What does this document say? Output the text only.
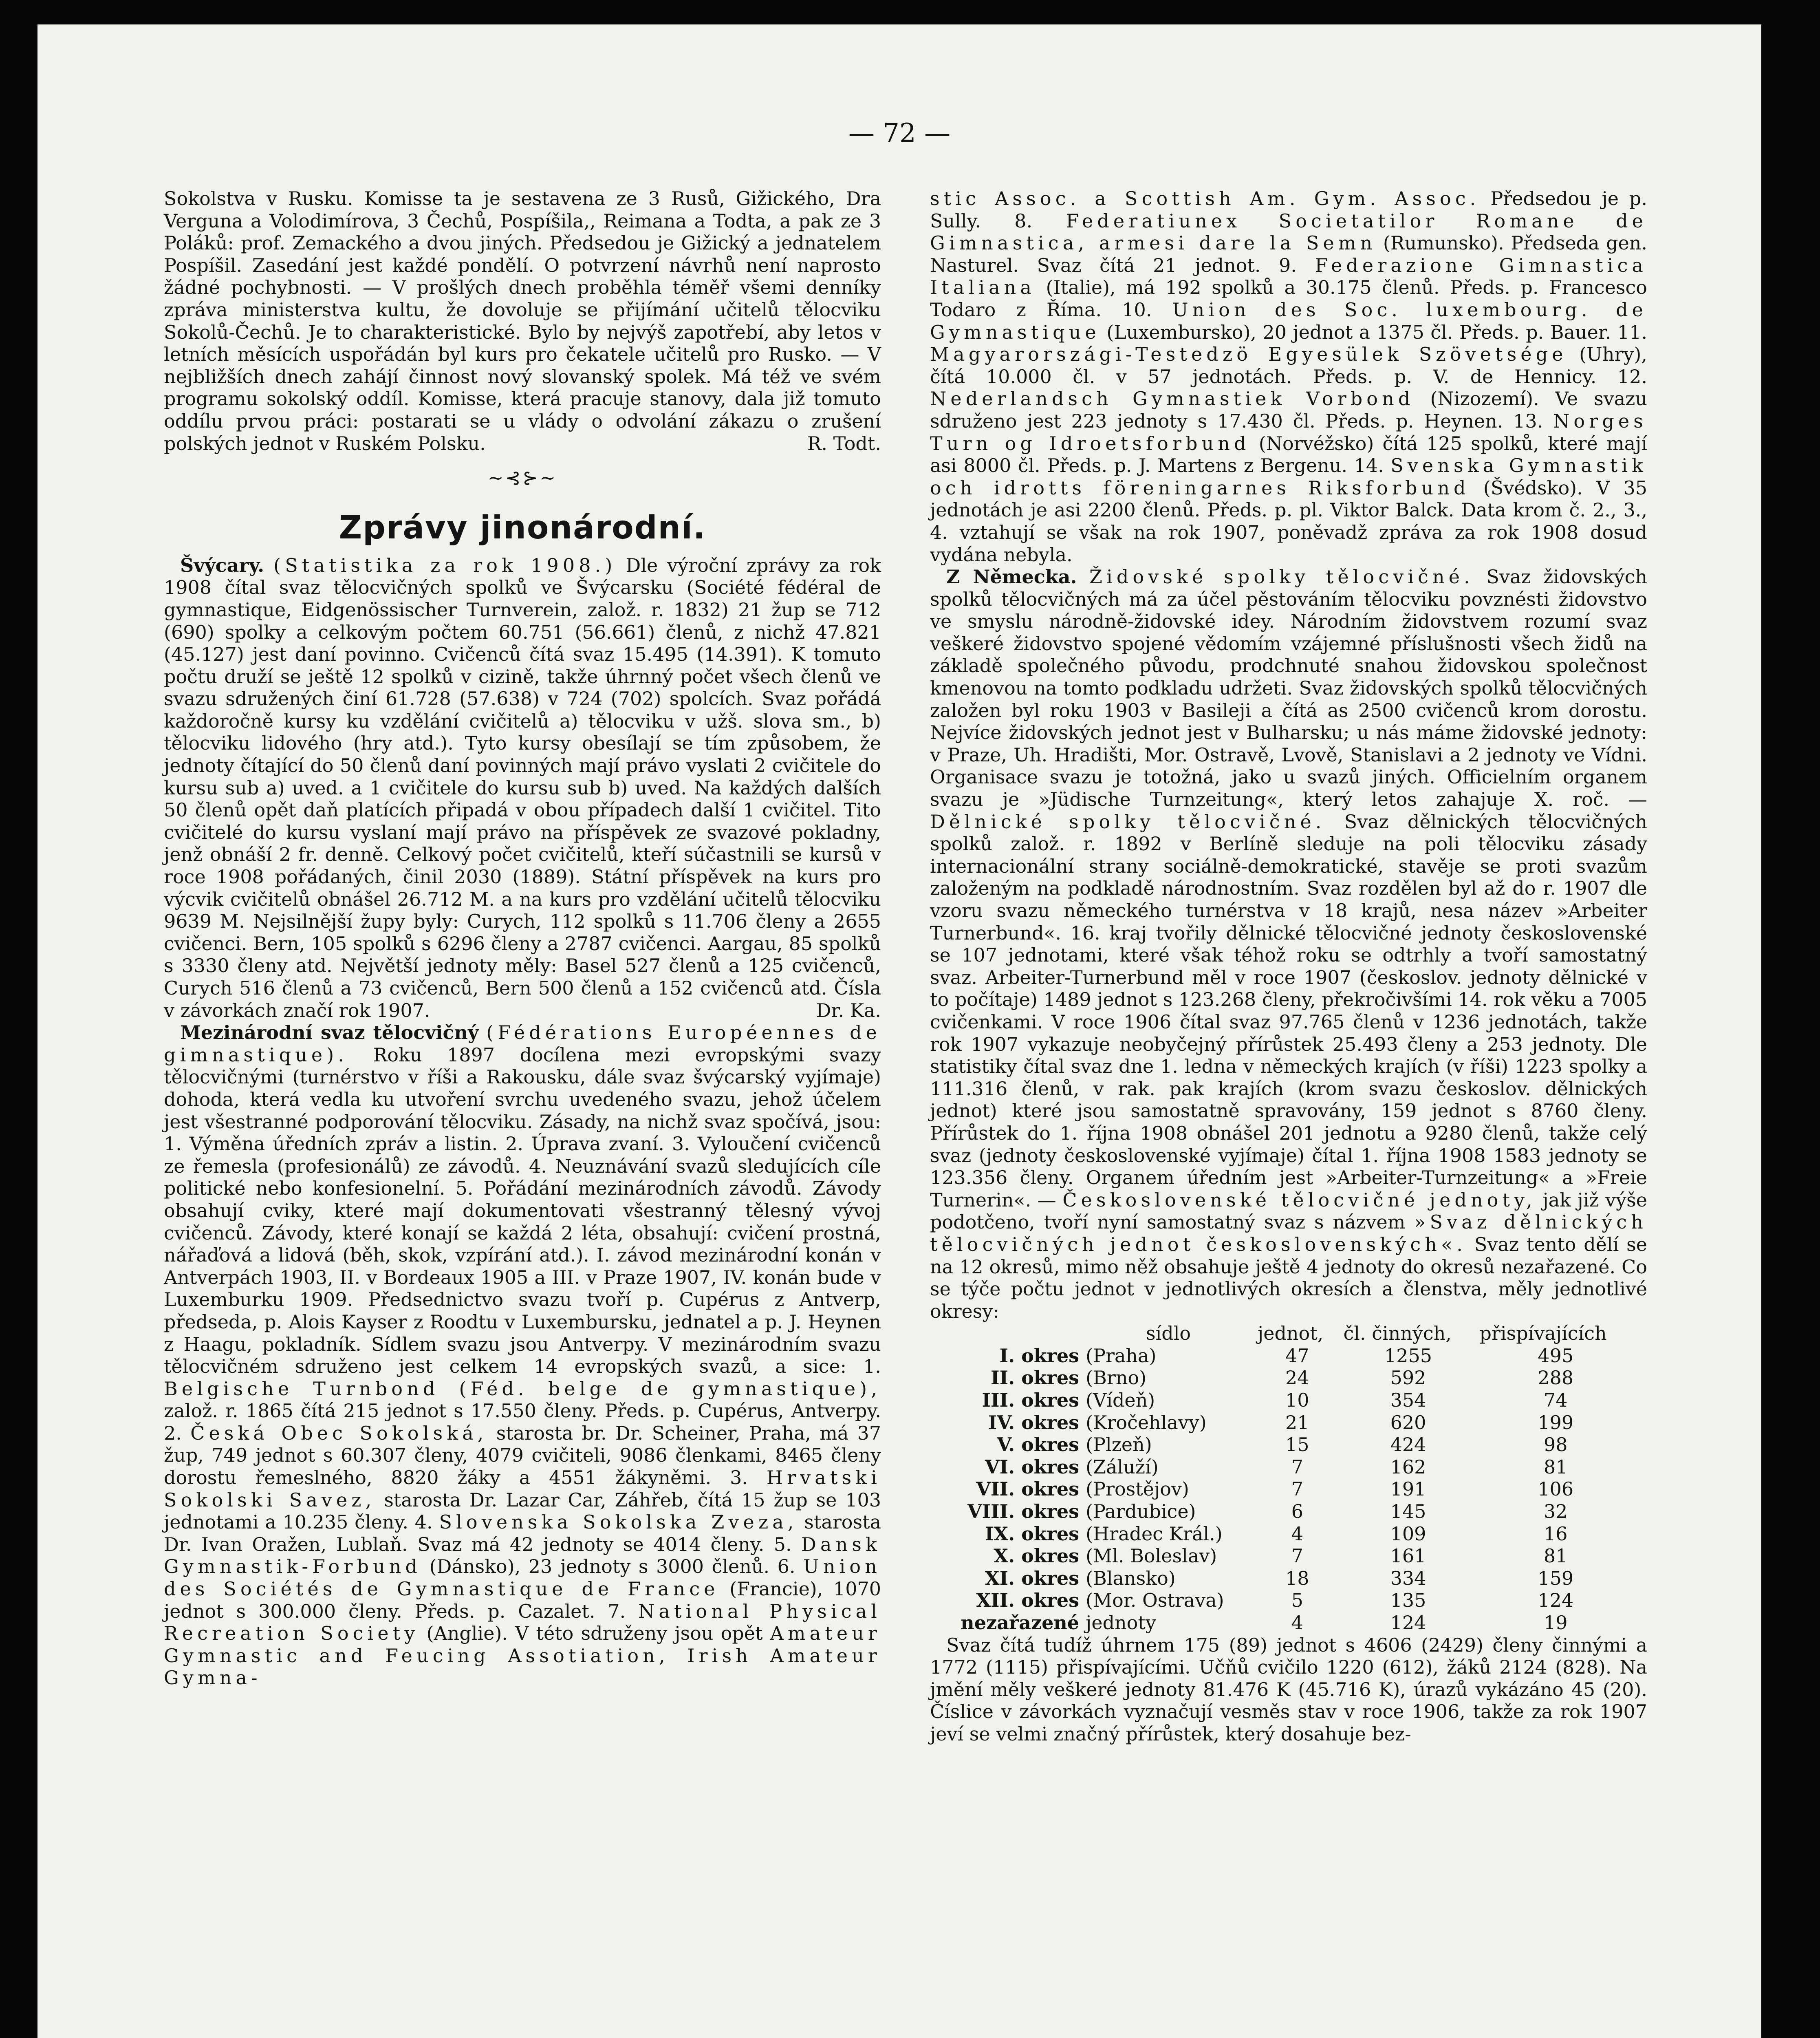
— 72 —

Sokolstva v Rusku. Komisse ta je sestavena ze 3 Rusů, Gižického, Dra Verguna a Volodimírova, 3 Čechů, Pospíšila,, Reimana a Todta, a pak ze 3 Poláků: prof. Zemackého a dvou jiných. Předsedou je Gižický a jednatelem Pospíšil. Zasedání jest každé pondělí. O potvrzení návrhů není naprosto žádné pochybnosti. — V prošlých dnech proběhla téměř všemi denníky zpráva ministerstva kultu, že dovoluje se přijímání učitelů tělocviku Sokolů-Čechů. Je to charakteristické. Bylo by nejvýš zapotřebí, aby letos v letních měsících uspořádán byl kurs pro čekatele učitelů pro Rusko. — V nejbližších dnech zahájí činnost nový slovanský spolek. Má též ve svém programu sokolský oddíl. Komisse, která pracuje stanovy, dala již tomuto oddílu prvou práci: postarati se u vlády o odvolání zákazu o zrušení polských jednot v Ruském Polsku.	R. Todt.

~⊰⊱~
Zprávy jinonárodní.

Švýcary. (Statistika za rok 1908.) Dle výroční zprávy za rok 1908 čítal svaz tělocvičných spolků ve Švýcarsku (Société fédéral de gymnastique, Eidgenössischer Turnverein, založ. r. 1832) 21 žup se 712 (690) spolky a celkovým počtem 60.751 (56.661) členů, z nichž 47.821 (45.127) jest daní povinno. Cvičenců čítá svaz 15.495 (14.391). K tomuto počtu druží se ještě 12 spolků v cizině, takže úhrnný počet všech členů ve svazu sdružených činí 61.728 (57.638) v 724 (702) spolcích. Svaz pořádá každoročně kursy ku vzdělání cvičitelů a) tělocviku v užš. slova sm., b) tělocviku lidového (hry atd.). Tyto kursy obesílají se tím způsobem, že jednoty čítající do 50 členů daní povinných mají právo vyslati 2 cvičitele do kursu sub a) uved. a 1 cvičitele do kursu sub b) uved. Na každých dalších 50 členů opět daň platících připadá v obou případech další 1 cvičitel. Tito cvičitelé do kursu vyslaní mají právo na příspěvek ze svazové pokladny, jenž obnáší 2 fr. denně. Celkový počet cvičitelů, kteří súčastnili se kursů v roce 1908 pořádaných, činil 2030 (1889). Státní příspěvek na kurs pro výcvik cvičitelů obnášel 26.712 M. a na kurs pro vzdělání učitelů tělocviku 9639 M. Nejsilnější župy byly: Curych, 112 spolků s 11.706 členy a 2655 cvičenci. Bern, 105 spolků s 6296 členy a 2787 cvičenci. Aargau, 85 spolků s 3330 členy atd. Největší jednoty měly: Basel 527 členů a 125 cvičenců, Curych 516 členů a 73 cvičenců, Bern 500 členů a 152 cvičenců atd. Čísla v závorkách značí rok 1907.	Dr. Ka.

Mezinárodní svaz tělocvičný (Fédérations Européennes de gimnastique). Roku 1897 docílena mezi evropskými svazy tělocvičnými (turnérstvo v říši a Rakousku, dále svaz švýcarský vyjímaje) dohoda, která vedla ku utvoření svrchu uvedeného svazu, jehož účelem jest všestranné podporování tělocviku. Zásady, na nichž svaz spočívá, jsou: 1. Výměna úředních zpráv a listin. 2. Úprava zvaní. 3. Vyloučení cvičenců ze řemesla (profesionálů) ze závodů. 4. Neuznávání svazů sledujících cíle politické nebo konfesionelní. 5. Pořádání mezinárodních závodů. Závody obsahují cviky, které mají dokumentovati všestranný tělesný vývoj cvičenců. Závody, které konají se každá 2 léta, obsahují: cvičení prostná, nářaďová a lidová (běh, skok, vzpírání atd.). I. závod mezinárodní konán v Antverpách 1903, II. v Bordeaux 1905 a III. v Praze 1907, IV. konán bude v Luxemburku 1909. Předsednictvo svazu tvoří p. Cupérus z Antverp, předseda, p. Alois Kayser z Roodtu v Luxembursku, jednatel a p. J. Heynen z Haagu, pokladník. Sídlem svazu jsou Antverpy. V mezinárodním svazu tělocvičném sdruženo jest celkem 14 evropských svazů, a sice: 1. Belgische Turnbond (Féd. belge de gymnastique), založ. r. 1865 čítá 215 jednot s 17.550 členy. Předs. p. Cupérus, Antverpy. 2. Česká Obec Sokolská, starosta br. Dr. Scheiner, Praha, má 37 žup, 749 jednot s 60.307 členy, 4079 cvičiteli, 9086 členkami, 8465 členy dorostu řemeslného, 8820 žáky a 4551 žákyněmi. 3. Hrvatski Sokolski Savez, starosta Dr. Lazar Car, Záhřeb, čítá 15 žup se 103 jednotami a 10.235 členy. 4. Slovenska Sokolska Zveza, starosta Dr. Ivan Oražen, Lublaň. Svaz má 42 jednoty se 4014 členy. 5. Dansk Gymnastik-Forbund (Dánsko), 23 jednoty s 3000 členů. 6. Union des Sociétés de Gymnastique de France (Francie), 1070 jednot s 300.000 členy. Předs. p. Cazalet. 7. National Physical Recreation Society (Anglie). V této sdruženy jsou opět Amateur Gymnastic and Feucing Assotiation, Irish Amateur Gymna-

stic Assoc. a Scottish Am. Gym. Assoc. Předsedou je p. Sully. 8. Federatiunex Societatilor Romane de Gimnastica, armesi dare la Semn (Rumunsko). Předseda gen. Nasturel. Svaz čítá 21 jednot. 9. Federazione Gimnastica Italiana (Italie), má 192 spolků a 30.175 členů. Předs. p. Francesco Todaro z Říma. 10. Union des Soc. luxembourg. de Gymnastique (Luxembursko), 20 jednot a 1375 čl. Předs. p. Bauer. 11. Magyarországi-Testedzö Egyesülek Szövetsége (Uhry), čítá 10.000 čl. v 57 jednotách. Předs. p. V. de Hennicy. 12. Nederlandsch Gymnastiek Vorbond (Nizozemí). Ve svazu sdruženo jest 223 jednoty s 17.430 čl. Předs. p. Heynen. 13. Norges Turn og Idroetsforbund (Norvéžsko) čítá 125 spolků, které mají asi 8000 čl. Předs. p. J. Martens z Bergenu. 14. Svenska Gymnastik och idrotts föreningarnes Riksforbund (Švédsko). V 35 jednotách je asi 2200 členů. Předs. p. pl. Viktor Balck. Data krom č. 2., 3., 4. vztahují se však na rok 1907, poněvadž zpráva za rok 1908 dosud vydána nebyla.

Z Německa. Židovské spolky tělocvičné. Svaz židovských spolků tělocvičných má za účel pěstováním tělocviku povznésti židovstvo ve smyslu národně-židovské idey. Národním židovstvem rozumí svaz veškeré židovstvo spojené vědomím vzájemné příslušnosti všech židů na základě společného původu, prodchnuté snahou židovskou společnost kmenovou na tomto podkladu udržeti. Svaz židovských spolků tělocvičných založen byl roku 1903 v Basileji a čítá as 2500 cvičenců krom dorostu. Nejvíce židovských jednot jest v Bulharsku; u nás máme židovské jednoty: v Praze, Uh. Hradišti, Mor. Ostravě, Lvově, Stanislavi a 2 jednoty ve Vídni. Organisace svazu je totožná, jako u svazů jiných. Officielním organem svazu je »Jüdische Turnzeitung«, který letos zahajuje X. roč. — Dělnické spolky tělocvičné. Svaz dělnických tělocvičných spolků založ. r. 1892 v Berlíně sleduje na poli tělocviku zásady internacionální strany sociálně-demokratické, stavěje se proti svazům založeným na podkladě národnostním. Svaz rozdělen byl až do r. 1907 dle vzoru svazu německého turnérstva v 18 krajů, nesa název »Arbeiter Turnerbund«. 16. kraj tvořily dělnické tělocvičné jednoty československé se 107 jednotami, které však téhož roku se odtrhly a tvoří samostatný svaz. Arbeiter-Turnerbund měl v roce 1907 (českoslov. jednoty dělnické v to počítaje) 1489 jednot s 123.268 členy, překročivšími 14. rok věku a 7005 cvičenkami. V roce 1906 čítal svaz 97.765 členů v 1236 jednotách, takže rok 1907 vykazuje neobyčejný přírůstek 25.493 členy a 253 jednoty. Dle statistiky čítal svaz dne 1. ledna v německých krajích (v říši) 1223 spolky a 111.316 členů, v rak. pak krajích (krom svazu českoslov. dělnických jednot) které jsou samostatně spravovány, 159 jednot s 8760 členy. Přírůstek do 1. října 1908 obnášel 201 jednotu a 9280 členů, takže celý svaz (jednoty československé vyjímaje) čítal 1. října 1908 1583 jednoty se 123.356 členy. Organem úředním jest »Arbeiter-Turnzeitung« a »Freie Turnerin«. — Československé tělocvičné jednoty, jak již výše podotčeno, tvoří nyní samostatný svaz s názvem »Svaz dělnických tělocvičných jednot československých«. Svaz tento dělí se na 12 okresů, mimo něž obsahuje ještě 4 jednoty do okresů nezařazené. Co se týče počtu jednot v jednotlivých okresích a členstva, měly jednotlivé okresy:

	sídlo	jednot,	čl. činných,	přispívajících
I. okres	(Praha)	47	1255	495
II. okres	(Brno)	24	592	288
III. okres	(Vídeň)	10	354	74
IV. okres	(Kročehlavy)	21	620	199
V. okres	(Plzeň)	15	424	98
VI. okres	(Záluží)	7	162	81
VII. okres	(Prostějov)	7	191	106
VIII. okres	(Pardubice)	6	145	32
IX. okres	(Hradec Král.)	4	109	16
X. okres	(Ml. Boleslav)	7	161	81
XI. okres	(Blansko)	18	334	159
XII. okres	(Mor. Ostrava)	5	135	124
nezařazené	jednoty	4	124	19

Svaz čítá tudíž úhrnem 175 (89) jednot s 4606 (2429) členy činnými a 1772 (1115) přispívajícími. Učňů cvičilo 1220 (612), žáků 2124 (828). Na jmění měly veškeré jednoty 81.476 K (45.716 K), úrazů vykázáno 45 (20). Číslice v závorkách vyznačují vesměs stav v roce 1906, takže za rok 1907 jeví se velmi značný přírůstek, který dosahuje bez-
